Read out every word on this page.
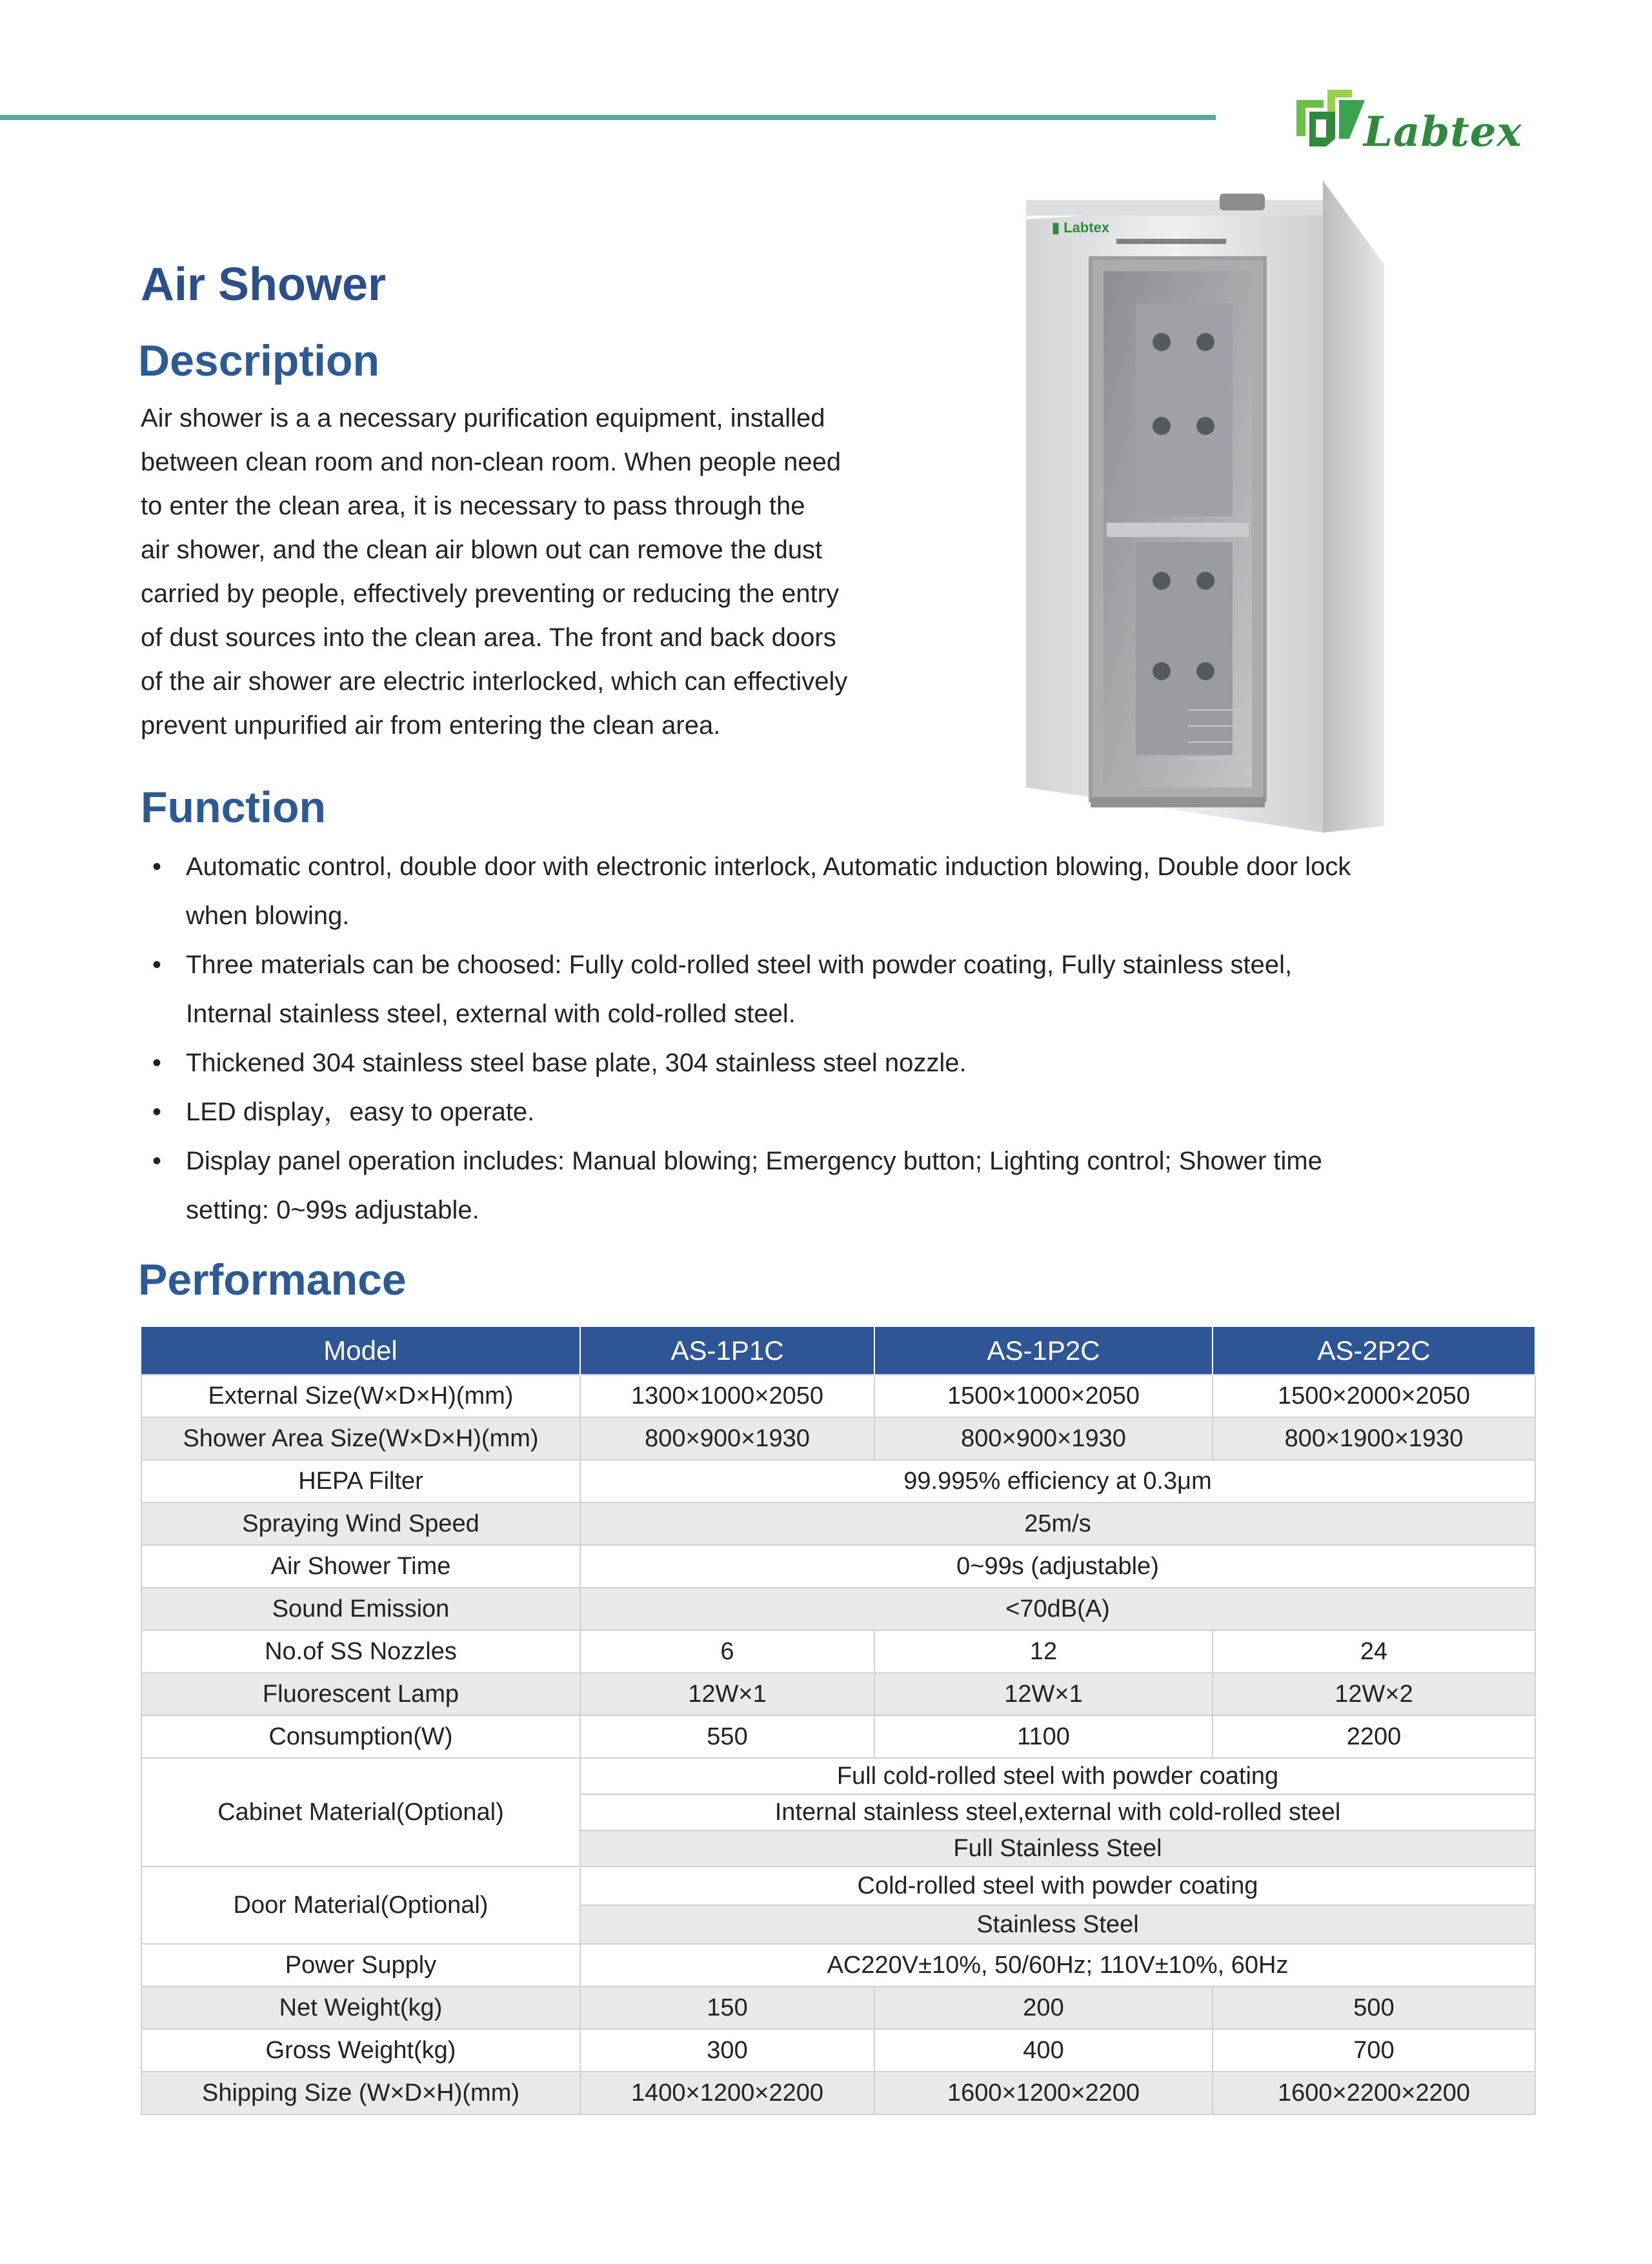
Labtex
Air Shower
Description

Air shower is a a necessary purification equipment, installed

between clean room and non-clean room. When people need

to enter the clean area, it is necessary to pass through the

air shower, and the clean air blown out can remove the dust

carried by people, effectively preventing or reducing the entry

of dust sources into the clean area. The front and back doors

of the air shower are electric interlocked, which can effectively

prevent unpurified air from entering the clean area.

▮ Labtex
Function
• Automatic control, double door with electronic interlock, Automatic induction blowing, Double door lock
when blowing.
• Three materials can be choosed: Fully cold-rolled steel with powder coating, Fully stainless steel,
Internal stainless steel, external with cold-rolled steel.
• Thickened 304 stainless steel base plate, 304 stainless steel nozzle.
• LED display，easy to operate.
• Display panel operation includes: Manual blowing; Emergency button; Lighting control; Shower time
setting: 0~99s adjustable.
Performance
Model	AS-1P1C	AS-1P2C	AS-2P2C
External Size(W×D×H)(mm)	1300×1000×2050	1500×1000×2050	1500×2000×2050
Shower Area Size(W×D×H)(mm)	800×900×1930	800×900×1930	800×1900×1930
HEPA Filter	99.995% efficiency at 0.3μm		
Spraying Wind Speed	25m/s		
Air Shower Time	0~99s (adjustable)		
Sound Emission	<70dB(A)		
No.of SS Nozzles	6	12	24
Fluorescent Lamp	12W×1	12W×1	12W×2
Consumption(W)	550	1100	2200
Cabinet Material(Optional)	Full cold-rolled steel with powder coating		
	Internal stainless steel,external with cold-rolled steel		
	Full Stainless Steel		
Door Material(Optional)	Cold-rolled steel with powder coating		
	Stainless Steel		
Power Supply	AC220V±10%, 50/60Hz; 110V±10%, 60Hz		
Net Weight(kg)	150	200	500
Gross Weight(kg)	300	400	700
Shipping Size (W×D×H)(mm)	1400×1200×2200	1600×1200×2200	1600×2200×2200
